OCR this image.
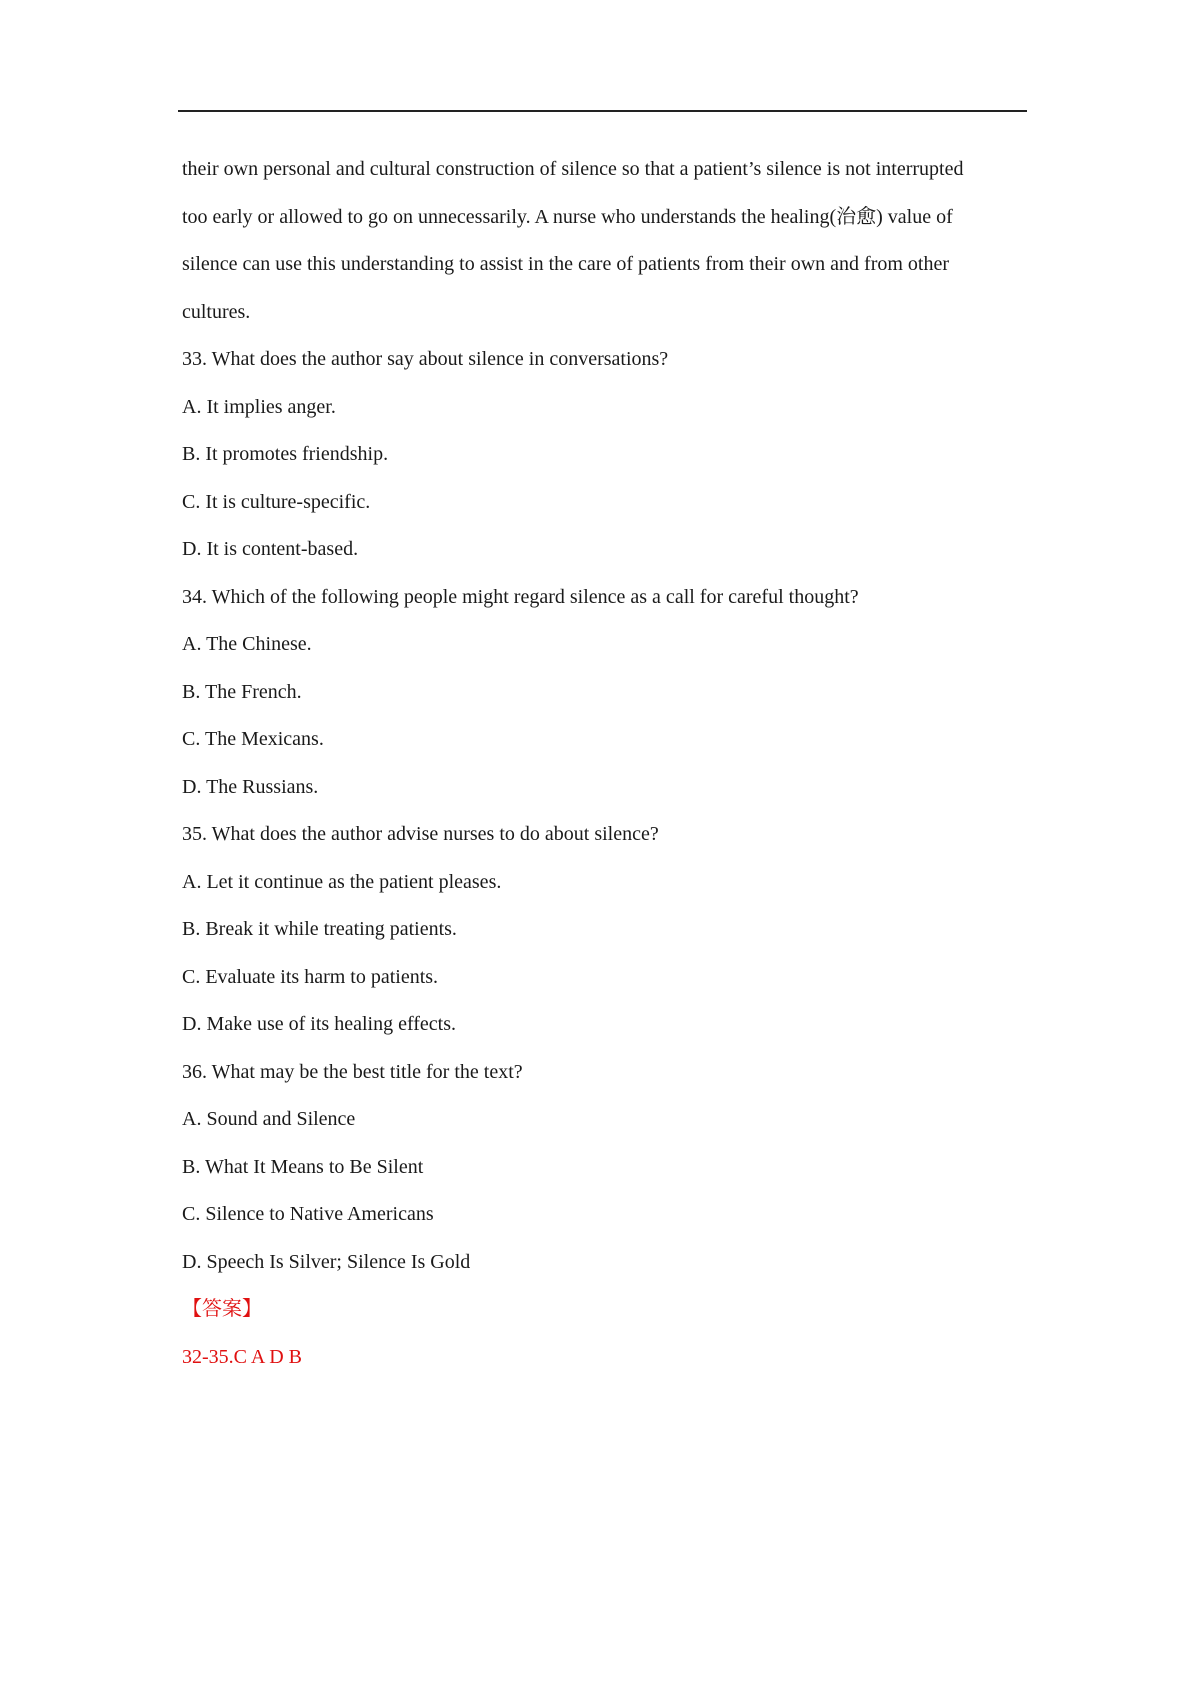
their own personal and cultural construction of silence so that a patient’s silence is not interrupted
too early or allowed to go on unnecessarily. A nurse who understands the healing(治愈) value of
silence can use this understanding to assist in the care of patients from their own and from other
cultures.
33. What does the author say about silence in conversations?
A. It implies anger.
B. It promotes friendship.
C. It is culture-specific.
D. It is content-based.
34. Which of the following people might regard silence as a call for careful thought?
A. The Chinese.
B. The French.
C. The Mexicans.
D. The Russians.
35. What does the author advise nurses to do about silence?
A. Let it continue as the patient pleases.
B. Break it while treating patients.
C. Evaluate its harm to patients.
D. Make use of its healing effects.
36. What may be the best title for the text?
A. Sound and Silence
B. What It Means to Be Silent
C. Silence to Native Americans
D. Speech Is Silver; Silence Is Gold
【答案】
32-35.C A D B
